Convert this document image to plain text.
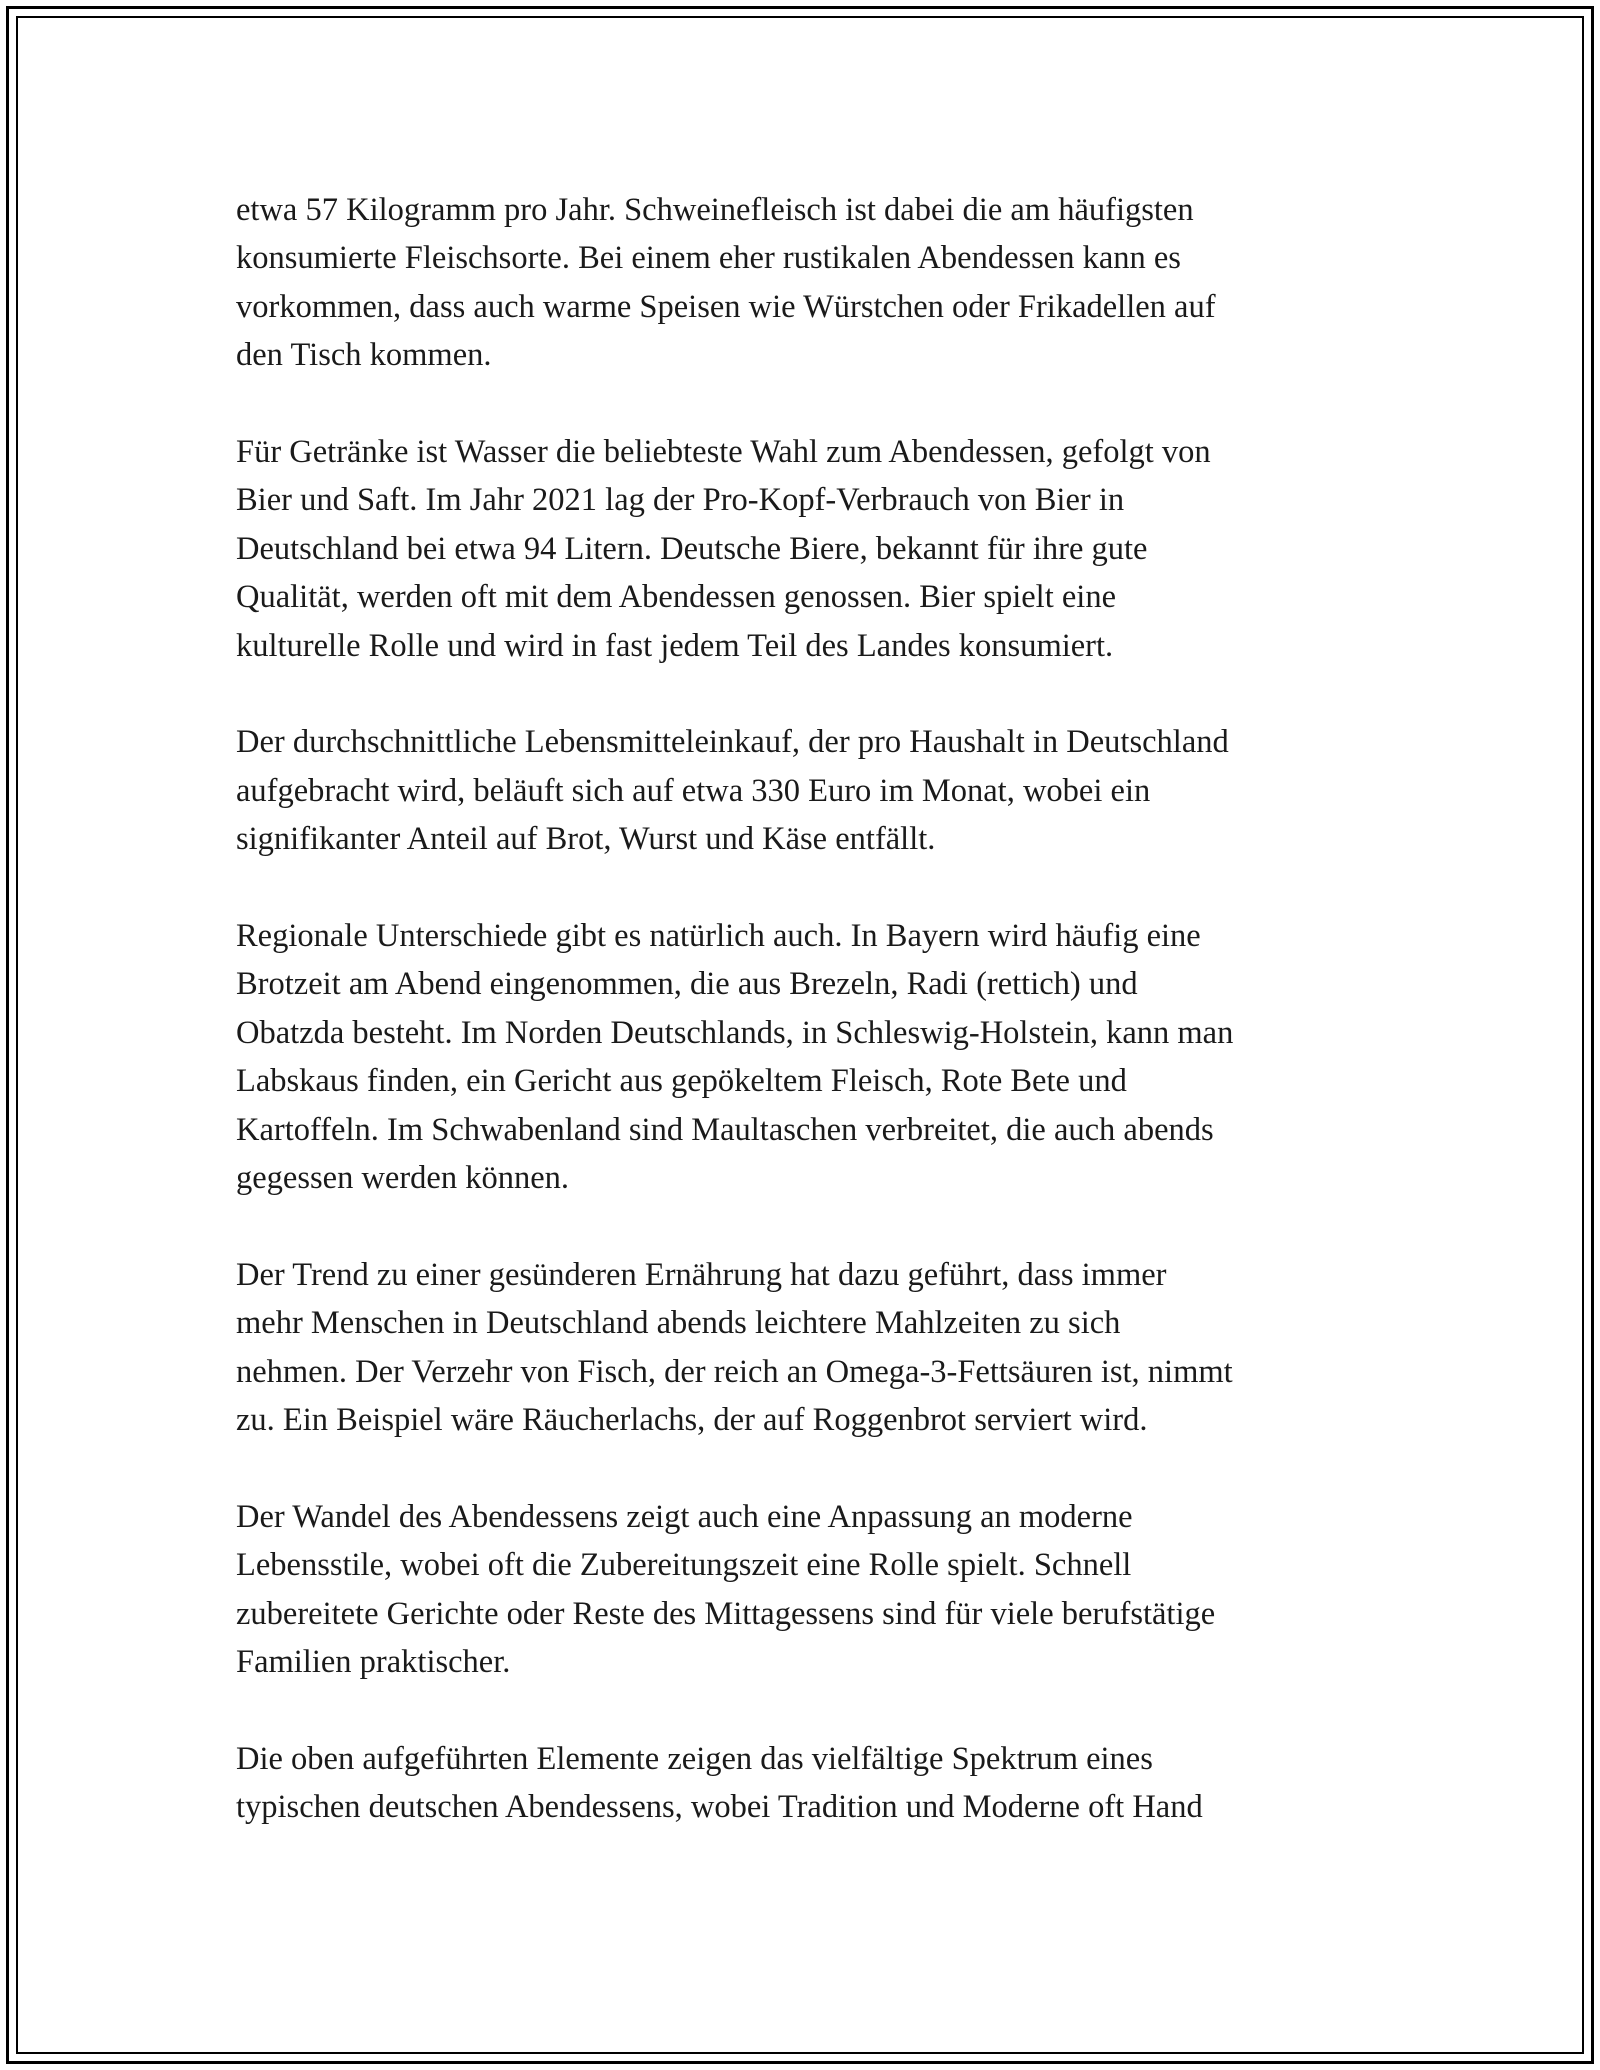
etwa 57 Kilogramm pro Jahr. Schweinefleisch ist dabei die am häufigsten
konsumierte Fleischsorte. Bei einem eher rustikalen Abendessen kann es
vorkommen, dass auch warme Speisen wie Würstchen oder Frikadellen auf
den Tisch kommen.

Für Getränke ist Wasser die beliebteste Wahl zum Abendessen, gefolgt von
Bier und Saft. Im Jahr 2021 lag der Pro-Kopf-Verbrauch von Bier in
Deutschland bei etwa 94 Litern. Deutsche Biere, bekannt für ihre gute
Qualität, werden oft mit dem Abendessen genossen. Bier spielt eine
kulturelle Rolle und wird in fast jedem Teil des Landes konsumiert.

Der durchschnittliche Lebensmitteleinkauf, der pro Haushalt in Deutschland
aufgebracht wird, beläuft sich auf etwa 330 Euro im Monat, wobei ein
signifikanter Anteil auf Brot, Wurst und Käse entfällt.

Regionale Unterschiede gibt es natürlich auch. In Bayern wird häufig eine
Brotzeit am Abend eingenommen, die aus Brezeln, Radi (rettich) und
Obatzda besteht. Im Norden Deutschlands, in Schleswig-Holstein, kann man
Labskaus finden, ein Gericht aus gepökeltem Fleisch, Rote Bete und
Kartoffeln. Im Schwabenland sind Maultaschen verbreitet, die auch abends
gegessen werden können.

Der Trend zu einer gesünderen Ernährung hat dazu geführt, dass immer
mehr Menschen in Deutschland abends leichtere Mahlzeiten zu sich
nehmen. Der Verzehr von Fisch, der reich an Omega-3-Fettsäuren ist, nimmt
zu. Ein Beispiel wäre Räucherlachs, der auf Roggenbrot serviert wird.

Der Wandel des Abendessens zeigt auch eine Anpassung an moderne
Lebensstile, wobei oft die Zubereitungszeit eine Rolle spielt. Schnell
zubereitete Gerichte oder Reste des Mittagessens sind für viele berufstätige
Familien praktischer.

Die oben aufgeführten Elemente zeigen das vielfältige Spektrum eines
typischen deutschen Abendessens, wobei Tradition und Moderne oft Hand
